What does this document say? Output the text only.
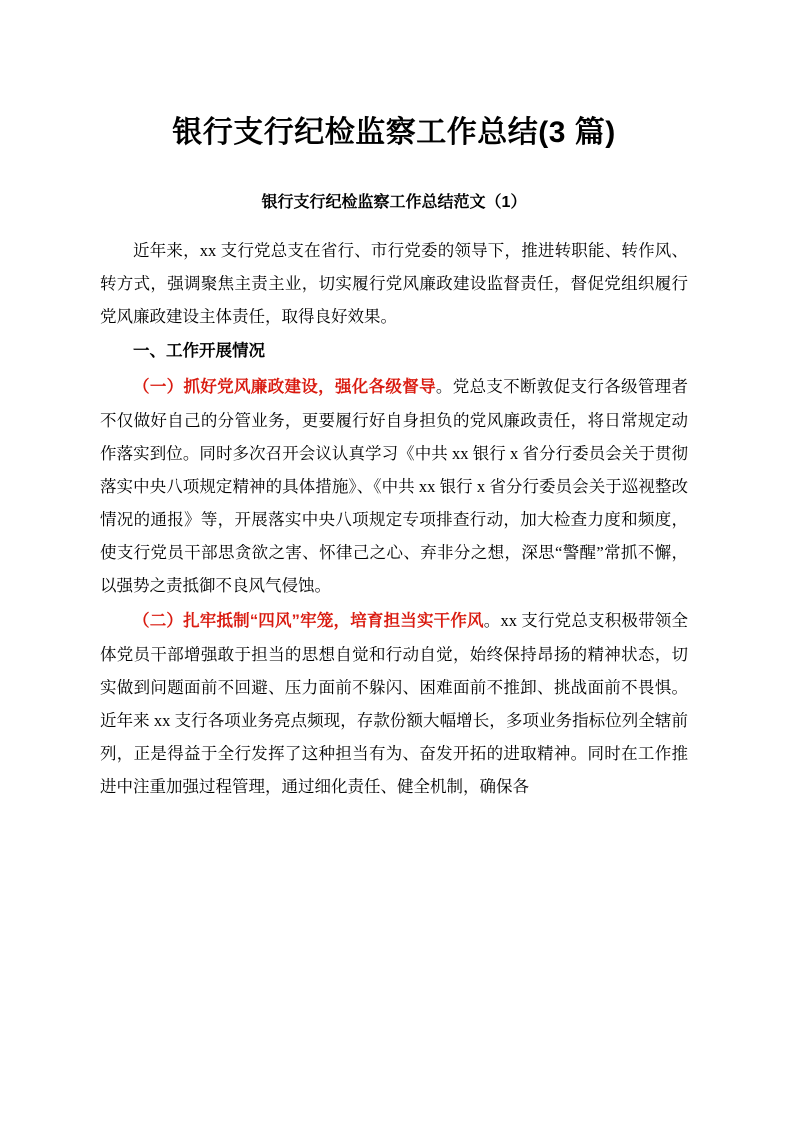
银行支行纪检监察工作总结(3 篇)
银行支行纪检监察工作总结范文（1）

近年来，xx 支行党总支在省行、市行党委的领导下，推进转职能、转作风、转方式，强调聚焦主责主业，切实履行党风廉政建设监督责任，督促党组织履行党风廉政建设主体责任，取得良好效果。

一、工作开展情况

（一）抓好党风廉政建设，强化各级督导。党总支不断敦促支行各级管理者不仅做好自己的分管业务，更要履行好自身担负的党风廉政责任，将日常规定动作落实到位。同时多次召开会议认真学习《中共 xx 银行 x 省分行委员会关于贯彻落实中央八项规定精神的具体措施》、《中共 xx 银行 x 省分行委员会关于巡视整改情况的通报》等，开展落实中央八项规定专项排查行动，加大检查力度和频度，使支行党员干部思贪欲之害、怀律己之心、弃非分之想，深思“警醒”常抓不懈，以强势之责抵御不良风气侵蚀。

（二）扎牢抵制“四风”牢笼，培育担当实干作风。xx 支行党总支积极带领全体党员干部增强敢于担当的思想自觉和行动自觉，始终保持昂扬的精神状态，切实做到问题面前不回避、压力面前不躲闪、困难面前不推卸、挑战面前不畏惧。近年来 xx 支行各项业务亮点频现，存款份额大幅增长，多项业务指标位列全辖前列，正是得益于全行发挥了这种担当有为、奋发开拓的进取精神。同时在工作推进中注重加强过程管理，通过细化责任、健全机制，确保各
